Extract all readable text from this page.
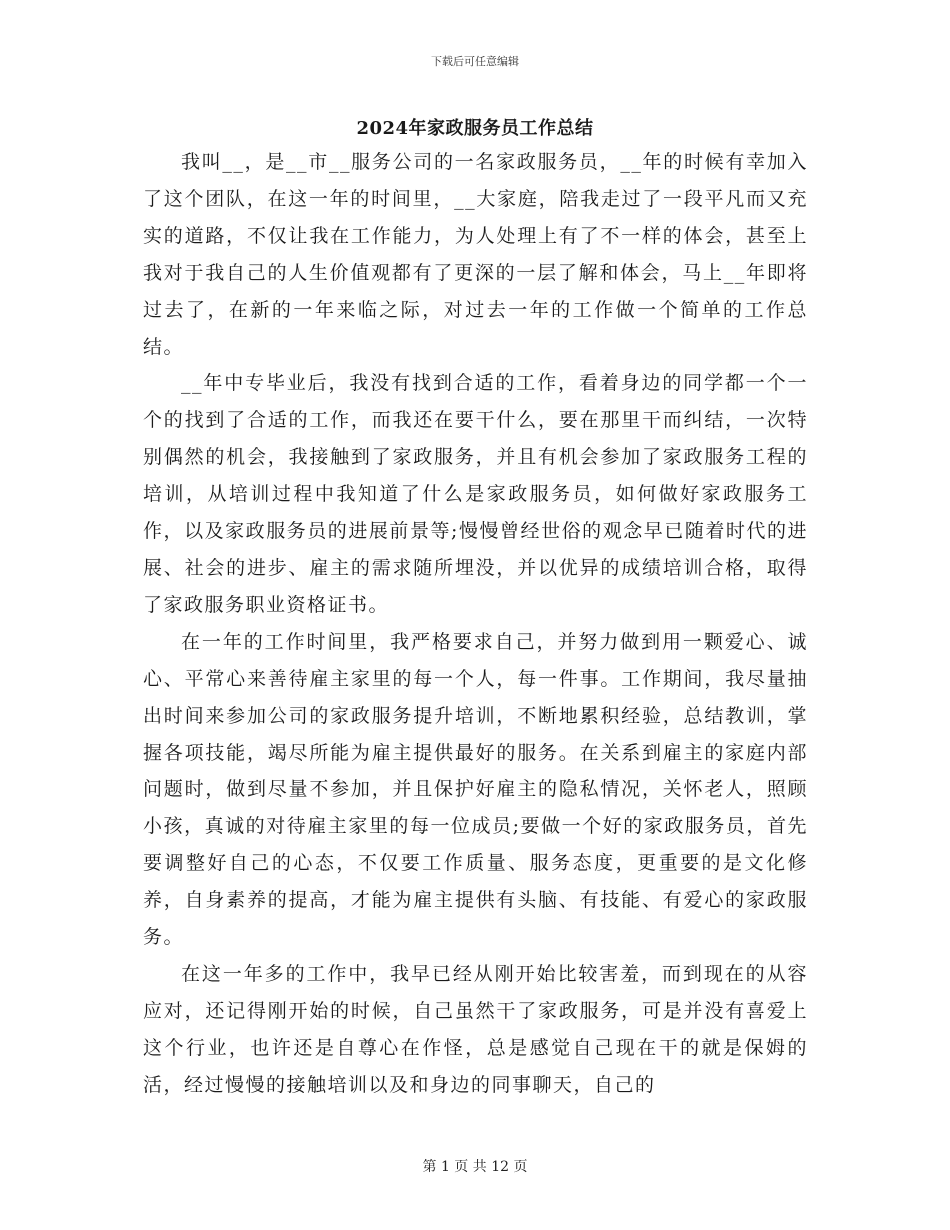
下载后可任意编辑
2024年家政服务员工作总结

我叫__，是__市__服务公司的一名家政服务员，__年的时候有幸加入了这个团队，在这一年的时间里，__大家庭，陪我走过了一段平凡而又充实的道路，不仅让我在工作能力，为人处理上有了不一样的体会，甚至上我对于我自己的人生价值观都有了更深的一层了解和体会，马上__年即将过去了，在新的一年来临之际，对过去一年的工作做一个简单的工作总结。

__年中专毕业后，我没有找到合适的工作，看着身边的同学都一个一个的找到了合适的工作，而我还在要干什么，要在那里干而纠结，一次特别偶然的机会，我接触到了家政服务，并且有机会参加了家政服务工程的培训，从培训过程中我知道了什么是家政服务员，如何做好家政服务工作，以及家政服务员的进展前景等;慢慢曾经世俗的观念早已随着时代的进展、社会的进步、雇主的需求随所埋没，并以优异的成绩培训合格，取得了家政服务职业资格证书。

在一年的工作时间里，我严格要求自己，并努力做到用一颗爱心、诚心、平常心来善待雇主家里的每一个人，每一件事。工作期间，我尽量抽出时间来参加公司的家政服务提升培训，不断地累积经验，总结教训，掌握各项技能，竭尽所能为雇主提供最好的服务。在关系到雇主的家庭内部问题时，做到尽量不参加，并且保护好雇主的隐私情况，关怀老人，照顾小孩，真诚的对待雇主家里的每一位成员;要做一个好的家政服务员，首先要调整好自己的心态，不仅要工作质量、服务态度，更重要的是文化修养，自身素养的提高，才能为雇主提供有头脑、有技能、有爱心的家政服务。

在这一年多的工作中，我早已经从刚开始比较害羞，而到现在的从容应对，还记得刚开始的时候，自己虽然干了家政服务，可是并没有喜爱上这个行业，也许还是自尊心在作怪，总是感觉自己现在干的就是保姆的活，经过慢慢的接触培训以及和身边的同事聊天，自己的

第 1 页 共 12 页
